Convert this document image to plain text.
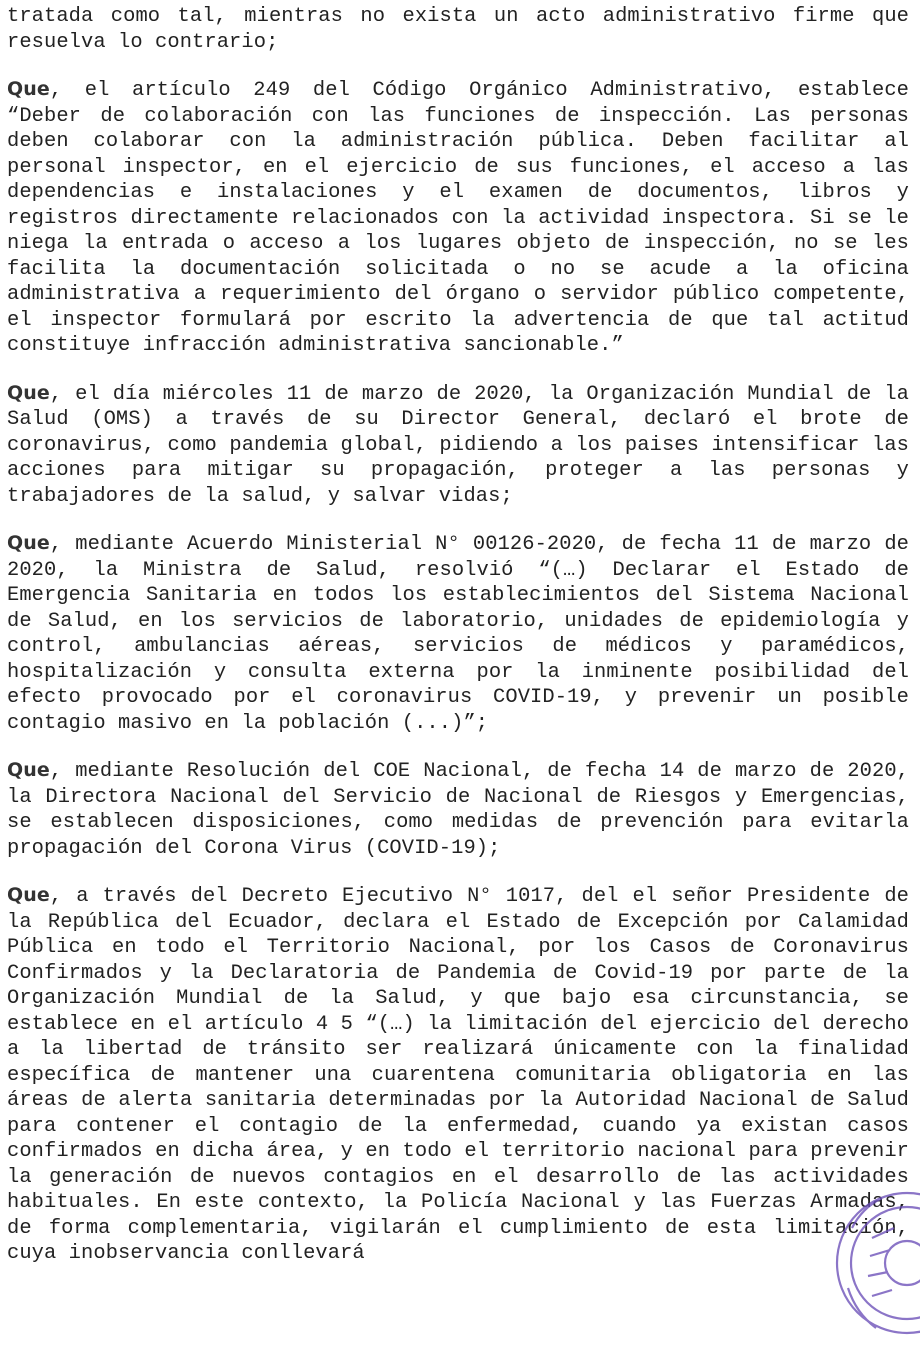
tratada como tal, mientras no exista un acto administrativo firme que resuelva lo contrario;

Que, el artículo 249 del Código Orgánico Administrativo, establece “Deber de colaboración con las funciones de inspección. Las personas deben colaborar con la administración pública. Deben facilitar al personal inspector, en el ejercicio de sus funciones, el acceso a las dependencias e instalaciones y el examen de documentos, libros y registros directamente relacionados con la actividad inspectora. Si se le niega la entrada o acceso a los lugares objeto de inspección, no se les facilita la documentación solicitada o no se acude a la oficina administrativa a requerimiento del órgano o servidor público competente, el inspector formulará por escrito la advertencia de que tal actitud constituye infracción administrativa sancionable.”

Que, el día miércoles 11 de marzo de 2020, la Organización Mundial de la Salud (OMS) a través de su Director General, declaró el brote de coronavirus, como pandemia global, pidiendo a los paises intensificar las acciones para mitigar su propagación, proteger a las personas y trabajadores de la salud, y salvar vidas;

Que, mediante Acuerdo Ministerial N° 00126-2020, de fecha 11 de marzo de 2020, la Ministra de Salud, resolvió “(…) Declarar el Estado de Emergencia Sanitaria en todos los establecimientos del Sistema Nacional de Salud, en los servicios de laboratorio, unidades de epidemiología y control, ambulancias aéreas, servicios de médicos y paramédicos, hospitalización y consulta externa por la inminente posibilidad del efecto provocado por el coronavirus COVID-19, y prevenir un posible contagio masivo en la población (...)”;

Que, mediante Resolución del COE Nacional, de fecha 14 de marzo de 2020, la Directora Nacional del Servicio de Nacional de Riesgos y Emergencias, se establecen disposiciones, como medidas de prevención para evitarla propagación del Corona Virus (COVID-19);

Que, a través del Decreto Ejecutivo N° 1017, del el señor Presidente de la República del Ecuador, declara el Estado de Excepción por Calamidad Pública en todo el Territorio Nacional, por los Casos de Coronavirus Confirmados y la Declaratoria de Pandemia de Covid-19 por parte de la Organización Mundial de la Salud, y que bajo esa circunstancia, se establece en el artículo 4 5 “(…) la limitación del ejercicio del derecho a la libertad de tránsito ser realizará únicamente con la finalidad específica de mantener una cuarentena comunitaria obligatoria en las áreas de alerta sanitaria determinadas por la Autoridad Nacional de Salud para contener el contagio de la enfermedad, cuando ya existan casos confirmados en dicha área, y en todo el territorio nacional para prevenir la generación de nuevos contagios en el desarrollo de las actividades habituales. En este contexto, la Policía Nacional y las Fuerzas Armadas, de forma complementaria, vigilarán el cumplimiento de esta limitación, cuya inobservancia conllevará
